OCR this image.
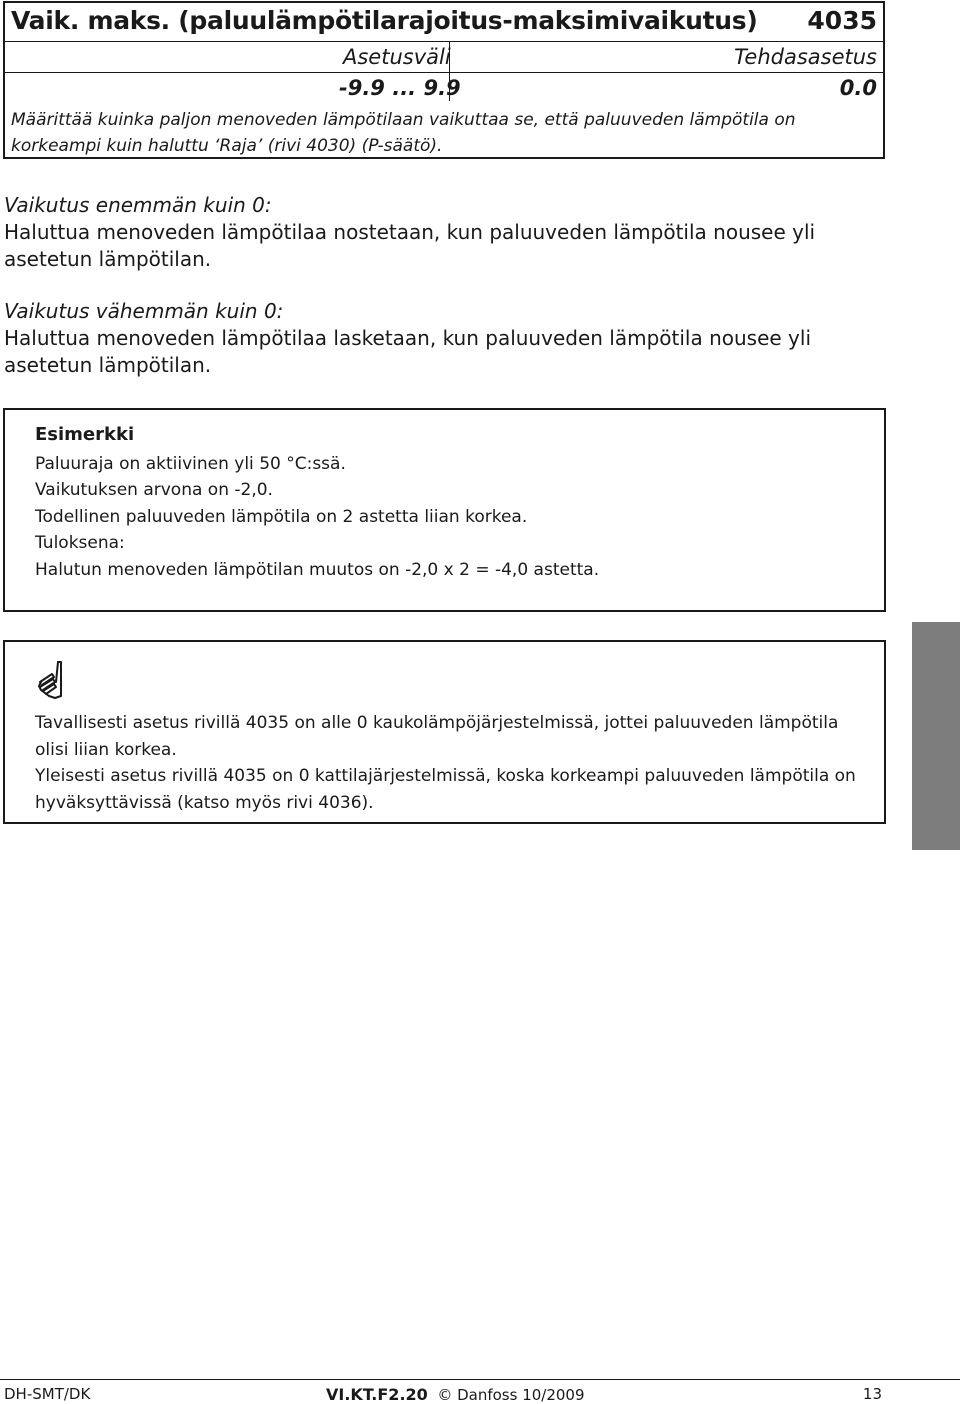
Vaik. maks. (paluulämpötilarajoitus-maksimivaikutus) 4035
Asetusväli	Tehdasasetus
-9.9 ... 9.9	0.0
Määrittää kuinka paljon menoveden lämpötilaan vaikuttaa se, että paluuveden lämpötila on korkeampi kuin haluttu ‘Raja’ (rivi 4030) (P-säätö).
Vaikutus enemmän kuin 0:
Haluttua menoveden lämpötilaa nostetaan, kun paluuveden lämpötila nousee yli asetetun lämpötilan.
Vaikutus vähemmän kuin 0:
Haluttua menoveden lämpötilaa lasketaan, kun paluuveden lämpötila nousee yli asetetun lämpötilan.
Esimerkki
Paluuraja on aktiivinen yli 50 °C:ssä.
Vaikutuksen arvona on -2,0.
Todellinen paluuveden lämpötila on 2 astetta liian korkea.
Tuloksena:
Halutun menoveden lämpötilan muutos on -2,0 x 2 = -4,0 astetta.
Tavallisesti asetus rivillä 4035 on alle 0 kaukolämpöjärjestelmissä, jottei paluuveden lämpötila olisi liian korkea.
Yleisesti asetus rivillä 4035 on 0 kattilajärjestelmissä, koska korkeampi paluuveden lämpötila on hyväksyttävissä (katso myös rivi 4036).
DH-SMT/DK	VI.KT.F2.20 © Danfoss 10/2009	13
